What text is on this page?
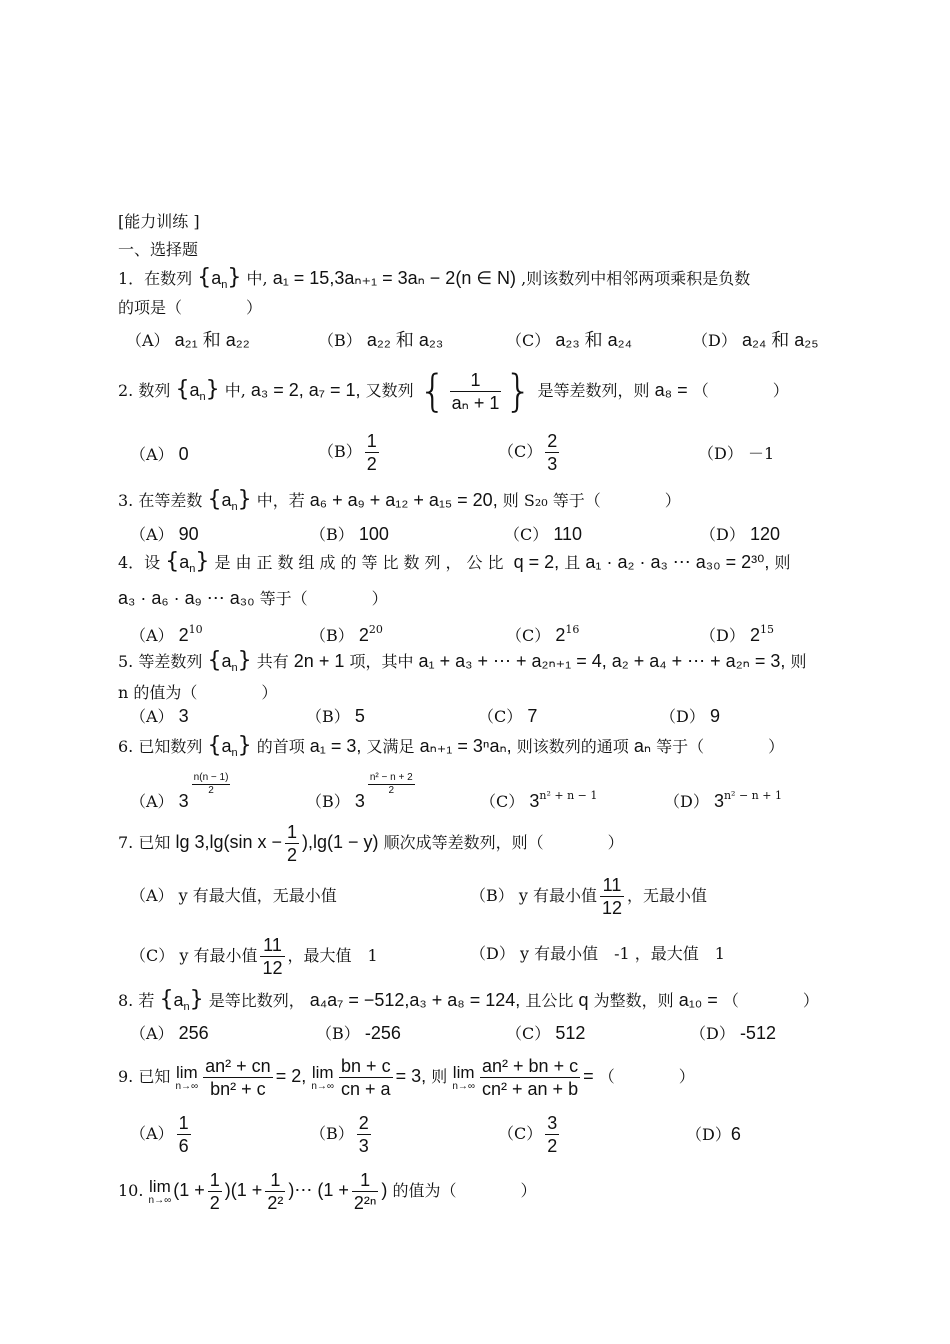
[能力训练 ]
一、选择题
1．在数列 $\{a_n\}$ 中, a₁ = 15,3aₙ₊₁ = 3aₙ − 2(n ∈ N) ,则该数列中相邻两项乘积是负数
的项是（　　　　）
（A） a₂₁ 和 a₂₂	（B） a₂₂ 和 a₂₃	（C） a₂₃ 和 a₂₄	（D） a₂₄ 和 a₂₅
2. 数列 $\{a_n\}$ 中, a₃ = 2, a₇ = 1, 又数列 { $\frac{1}{\text{aₙ + 1}}$ } 是等差数列，则 a₈ = （　　　　）
（A） 0	$(B) \frac{1}{2}$	$(C) \frac{2}{3}$	（D） －1
3. 在等差数 $\{a_n\}$ 中，若 a₆ + a₉ + a₁₂ + a₁₅ = 20, 则 S₂₀ 等于（　　　　）
（A） 90	（B） 100	（C） 110	（D） 120
4．设 $\{a_n\}$ 是由正数组成的等比数列，公比 q = 2, 且 a₁ · a₂ · a₃ ⋯ a₃₀ = 2³⁰, 则
a₃ · a₆ · a₉ ⋯ a₃₀ 等于（　　　　）
（A） $2^{10}$	（B） $2^{20}$	（C） $2^{16}$	（D） $2^{15}$
5. 等差数列 $\{a_n\}$ 共有 2n + 1 项，其中 a₁ + a₃ + ⋯ + a₂ₙ₊₁ = 4, a₂ + a₄ + ⋯ + a₂ₙ = 3, 则
n 的值为（　　　　）
（A） 3	（B） 5	（C） 7	（D） 9
6. 已知数列 $\{a_n\}$ 的首项 a₁ = 3, 又满足 aₙ₊₁ = 3ⁿaₙ, 则该数列的通项 aₙ 等于（　　　　）
（A） 3
$\frac{n(n - 1)}{2}$
（B） 3
$\frac{\text{n² − n + 2}}{2}$
（C） $3^{n^2 + n - 1}$	（D） $3^{n^2 - n + 1}$
7. 已知 lg 3,lg(sin $x - \frac{1}{2} ),\lg(1 - y)$ 顺次成等差数列，则（　　　　）
（A） y 有最大值，无最小值	（B） y 有最小值 $\frac{11}{12}$ ，无最小值
（C） y 有最小值 $\frac{11}{12}$ ，最大值　1	（D） y 有最小值　-1 ，最大值　1
8. 若 $\{a_n\}$ 是等比数列， a₄a₇ = −512,a₃ + a₈ = 124, 且公比 q 为整数，则 a₁₀ = （　　　　）
（A） 256	（B） -256	（C） 512	（D） -512
9. 已知 lim
$n\to\infty \frac{\text{an² + cn}}{\text{bn² + c}} = 2$, lim
$n\to\infty \frac{bn + c}{cn + a} = 3$, 则 lim
$n\to\infty \frac{\text{an² + bn + c}}{\text{cn² + an + b}}$ = （　　　　）
$(A) \frac{1}{6}$	$(B) \frac{2}{3}$	$(C) \frac{3}{2}$	（D）6
10. lim
n→∞ $(1 + \frac{1}{2} )(1 + \frac{1}{\text{2²}}$ )⋯ ($1 + \frac{1}{\text{2²ⁿ}}$ ) 的值为（　　　　）
